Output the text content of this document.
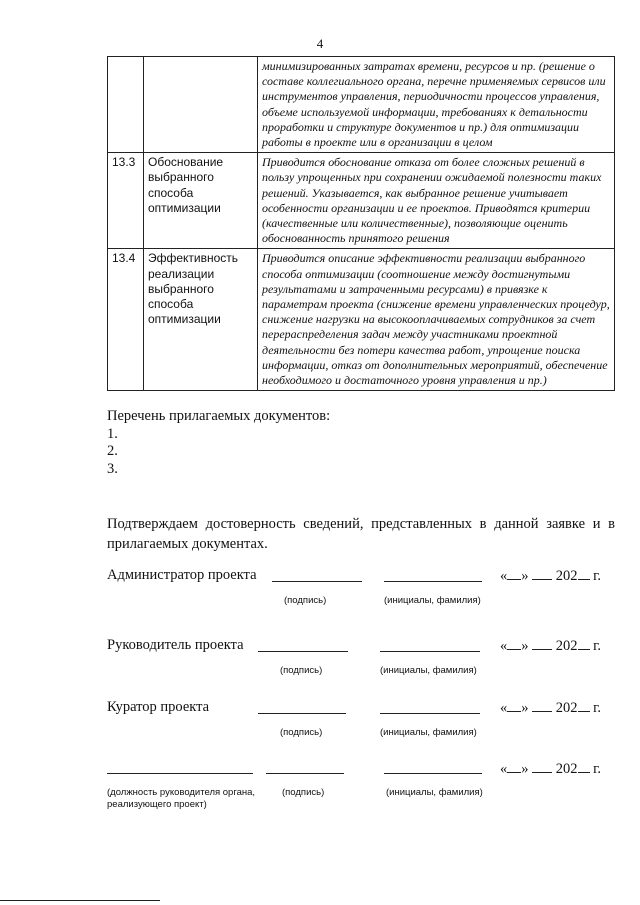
4
		минимизированных затратах времени, ресурсов и пр. (решение о составе коллегиального органа, перечне применяемых сервисов или инструментов управления, периодичности процессов управления, объеме используемой информации, требованиях к детальности проработки и структуре документов и пр.) для оптимизации работы в проекте или в организации в целом
13.3	Обоснование выбранного способа оптимизации	Приводится обоснование отказа от более сложных решений в пользу упрощенных при сохранении ожидаемой полезности таких решений. Указывается, как выбранное решение учитывает особенности организации и ее проектов. Приводятся критерии (качественные или количественные), позволяющие оценить обоснованность принятого решения
13.4	Эффективность реализации выбранного способа оптимизации	Приводится описание эффективности реализации выбранного способа оптимизации (соотношение между достигнутыми результатами и затраченными ресурсами) в привязке к параметрам проекта (снижение времени управленческих процедур, снижение нагрузки на высокооплачиваемых сотрудников за счет перераспределения задач между участниками проектной деятельности без потери качества работ, упрощение поиска информации, отказ от дополнительных мероприятий, обеспечение необходимого и достаточного уровня управления и пр.)
Перечень прилагаемых документов:
1.
2.
3.
Подтверждаем достоверность сведений, представленных в данной заявке и в прилагаемых документах.
Администратор проекта
(подпись)	(инициалы, фамилия)
« » 202 г.
Руководитель проекта
(подпись)	(инициалы, фамилия)
« » 202 г.
Куратор проекта
(подпись)	(инициалы, фамилия)
« » 202 г.
(должность руководителя органа, реализующего проект)
(подпись)	(инициалы, фамилия)
« » 202 г.
